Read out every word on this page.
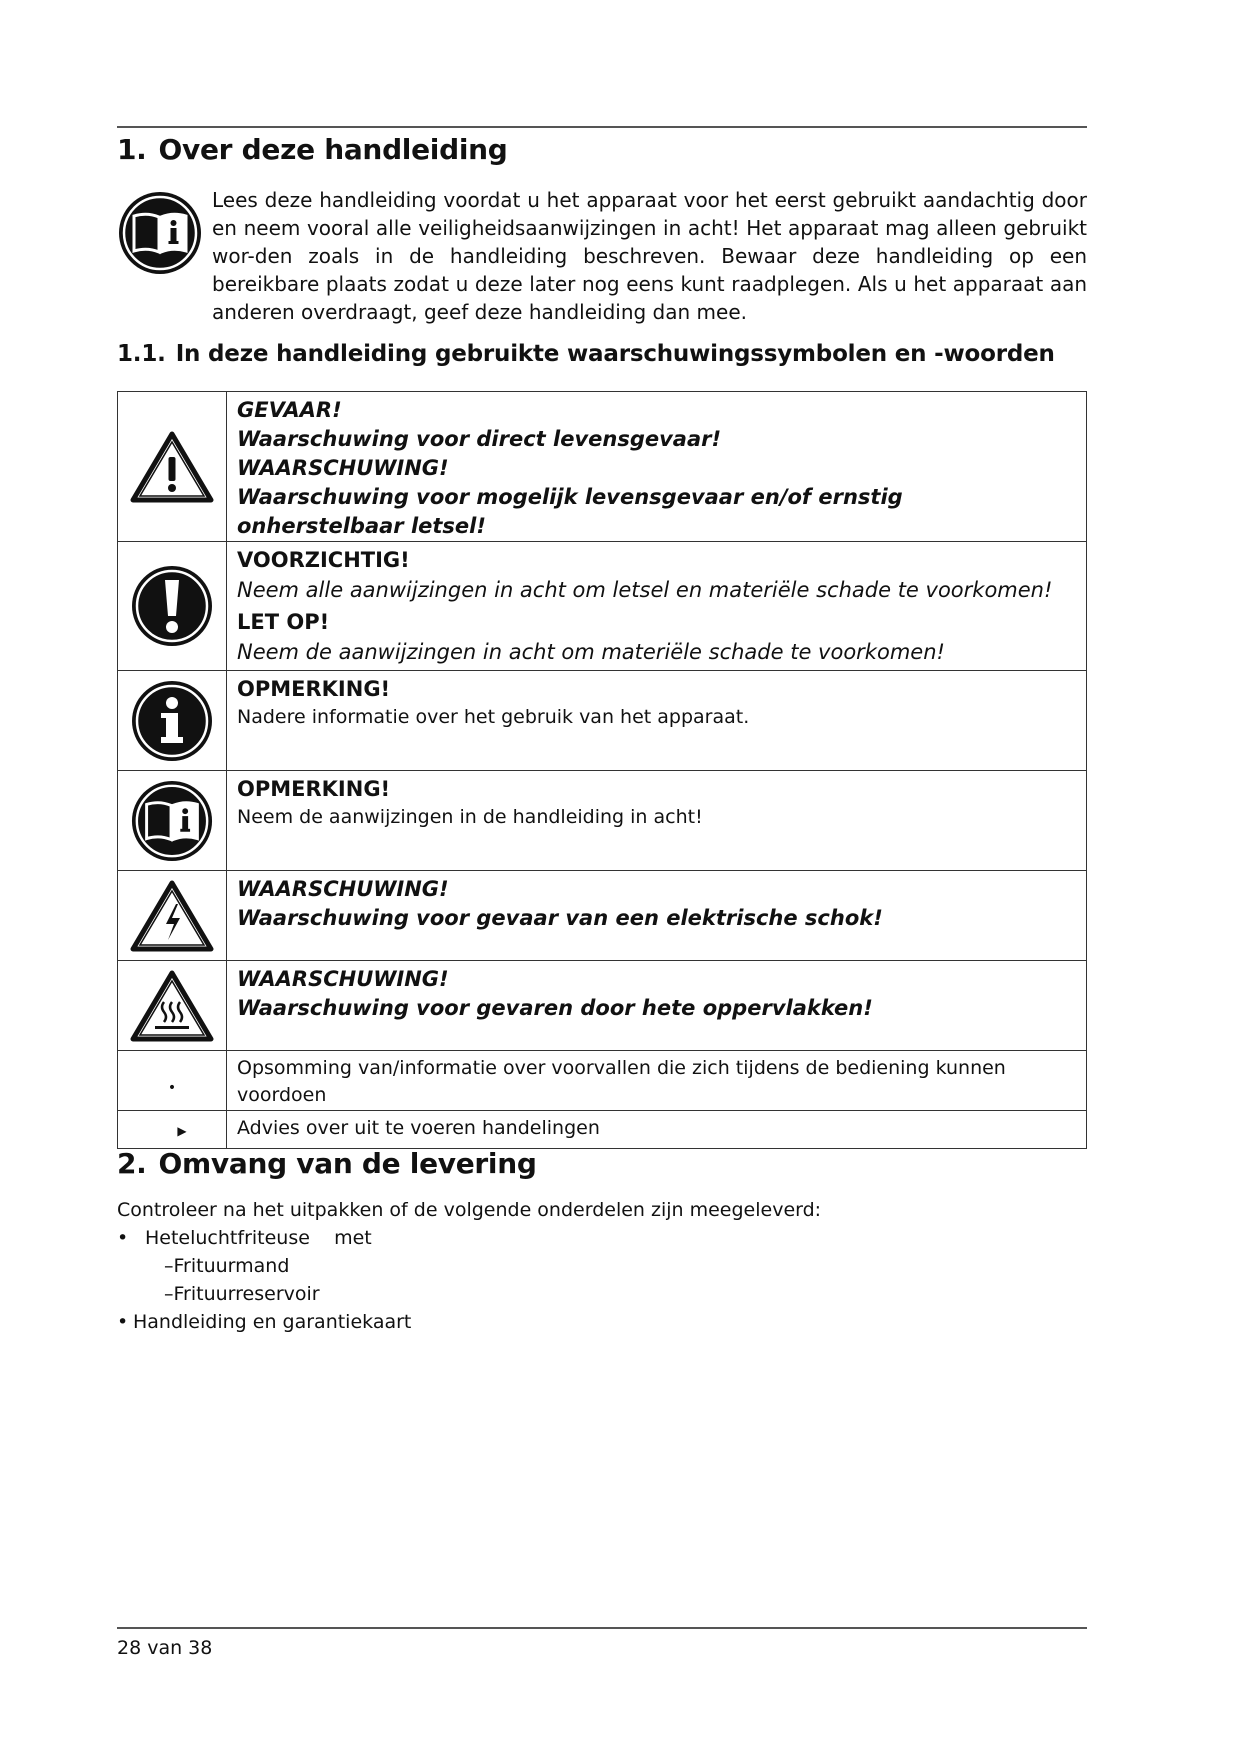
1. Over deze handleiding

Lees deze handleiding voordat u het apparaat voor het eerst gebruikt aandachtig door en neem vooral alle veiligheidsaanwijzingen in acht! Het apparaat mag alleen gebruikt wor-den zoals in de handleiding beschreven. Bewaar deze handleiding op een bereikbare plaats zodat u deze later nog eens kunt raadplegen. Als u het apparaat aan anderen overdraagt, geef deze handleiding dan mee.

1.1. In deze handleiding gebruikte waarschuwingssymbolen en -woorden

GEVAAR!
Waarschuwing voor direct levensgevaar!
WAARSCHUWING!
Waarschuwing voor mogelijk levensgevaar en/of ernstig onherstelbaar letsel!

VOORZICHTIG!
Neem alle aanwijzingen in acht om letsel en materiële schade te voorkomen!
LET OP!
Neem de aanwijzingen in acht om materiële schade te voorkomen!

OPMERKING!
Nadere informatie over het gebruik van het apparaat.

OPMERKING!
Neem de aanwijzingen in de handleiding in acht!

WAARSCHUWING!
Waarschuwing voor gevaar van een elektrische schok!

WAARSCHUWING!
Waarschuwing voor gevaren door hete oppervlakken!

•	Opsomming van/informatie over voorvallen die zich tijdens de bediening kunnen voordoen

▶	Advies over uit te voeren handelingen
2. Omvang van de levering
Controleer na het uitpakken of de volgende onderdelen zijn meegeleverd:
• Heteluchtfriteuse    met
–Frituurmand
–Frituurreservoir
• Handleiding en garantiekaart
28 van 38
